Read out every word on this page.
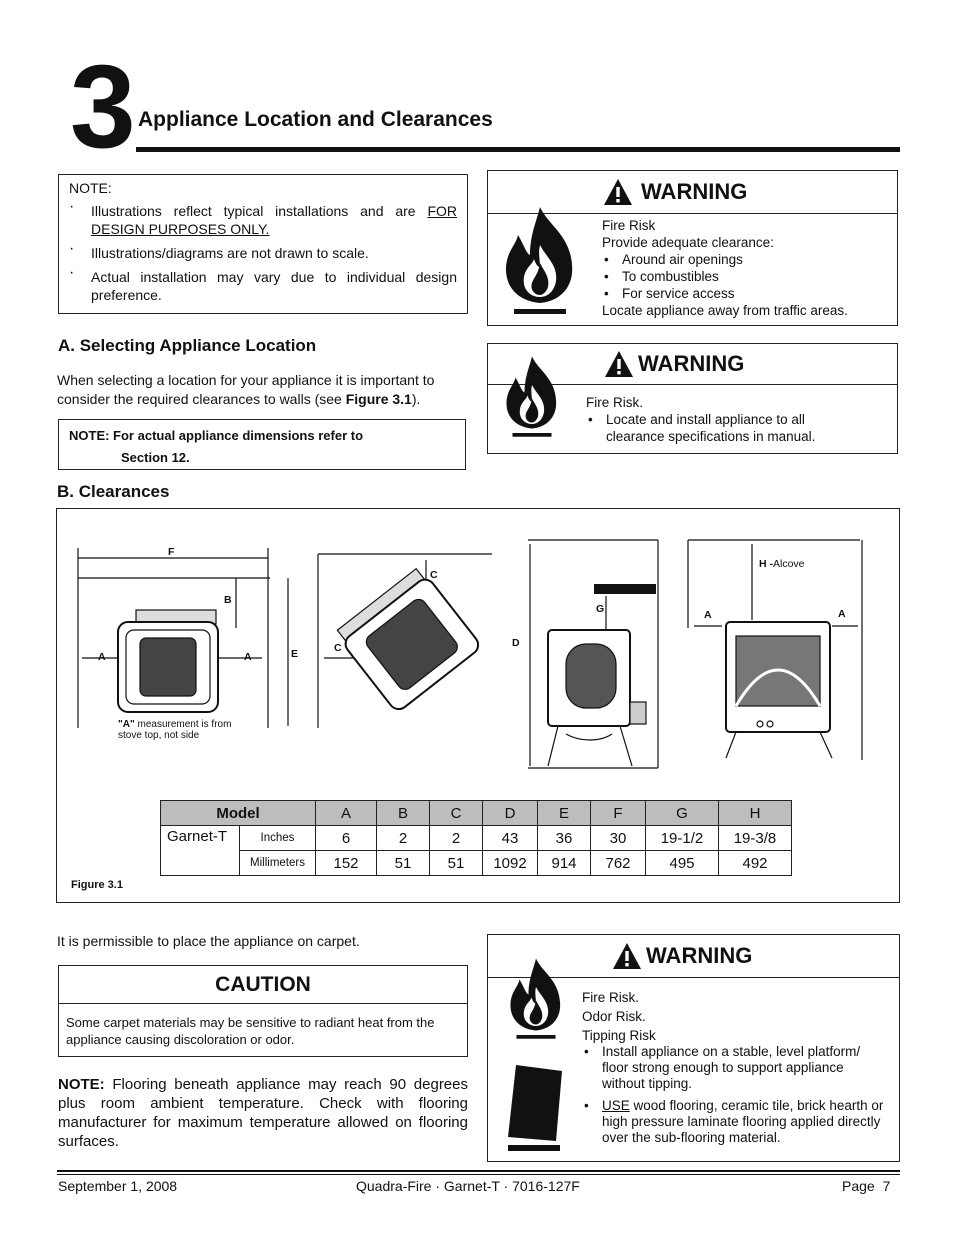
3 Appliance Location and Clearances
NOTE:
· Illustrations reflect typical installations and are FOR DESIGN PURPOSES ONLY.
· Illustrations/diagrams are not drawn to scale.
· Actual installation may vary due to individual design preference.
A. Selecting Appliance Location
When selecting a location for your appliance it is important to consider the required clearances to walls (see Figure 3.1).
NOTE: For actual appliance dimensions refer to
Section 12.
WARNING
Fire Risk
Provide adequate clearance:
• Around air openings
• To combustibles
• For service access
Locate appliance away from traffic areas.
WARNING
Fire Risk.
• Locate and install appliance to all clearance specifications in manual.
B. Clearances
F
B
A	A	E
"A" measurement is from
stove top, not side
C
C	D
G
H -Alcove
A	A
Model		A	B	C	D	E	F	G	H
Garnet-T	Inches	6	2	2	43	36	30	19-1/2	19-3/8
	Millimeters	152	51	51	1092	914	762	495	492
Figure 3.1
It is permissible to place the appliance on carpet.
CAUTION
Some carpet materials may be sensitive to radiant heat from the appliance causing discoloration or odor.
NOTE: Flooring beneath appliance may reach 90 degrees plus room ambient temperature. Check with flooring manufacturer for maximum temperature allowed on flooring surfaces.
WARNING
Fire Risk.
Odor Risk.
Tipping Risk
• Install appliance on a stable, level platform/ floor strong enough to support appliance without tipping.
• USE wood flooring, ceramic tile, brick hearth or high pressure laminate flooring applied directly over the sub-flooring material.
September 1, 2008	Quadra-Fire · Garnet-T · 7016-127F	Page  7
